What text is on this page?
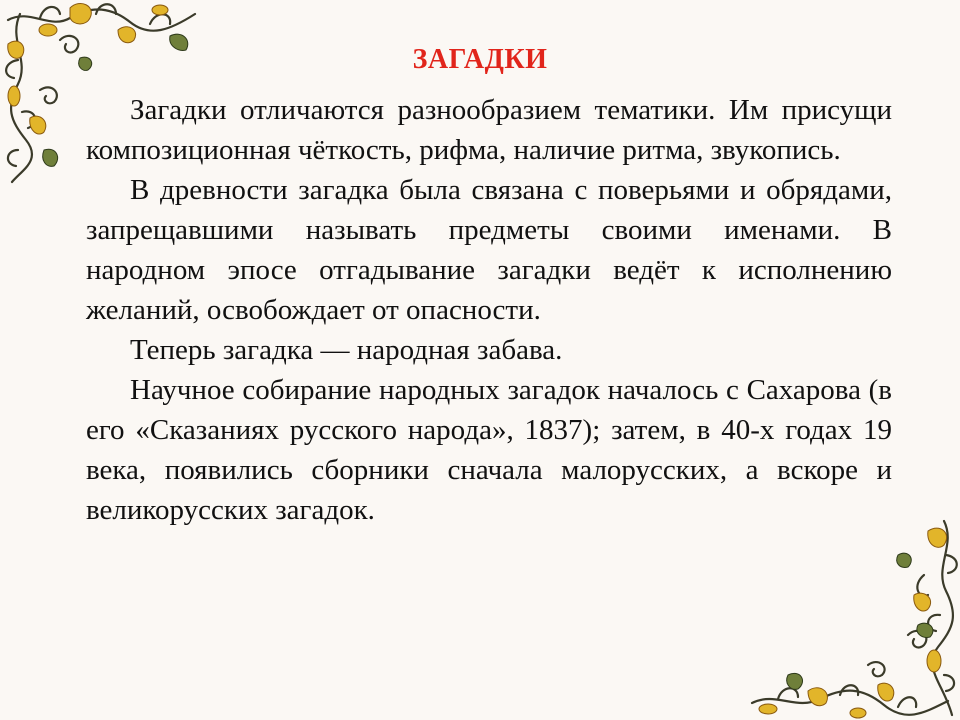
ЗАГАДКИ

Загадки отличаются разнообразием тематики. Им присущи композиционная чёткость, рифма, наличие ритма, звукопись.

В древности загадка была связана с поверьями и обрядами, запрещавшими называть предметы своими именами. В народном эпосе отгадывание загадки ведёт к исполнению желаний, освобождает от опасности.

Теперь загадка — народная забава.

Научное собирание народных загадок началось с Сахарова (в его «Сказаниях русского народа», 1837); затем, в 40-х годах 19 века, появились сборники сначала малорусских, а вскоре и великорусских загадок.
